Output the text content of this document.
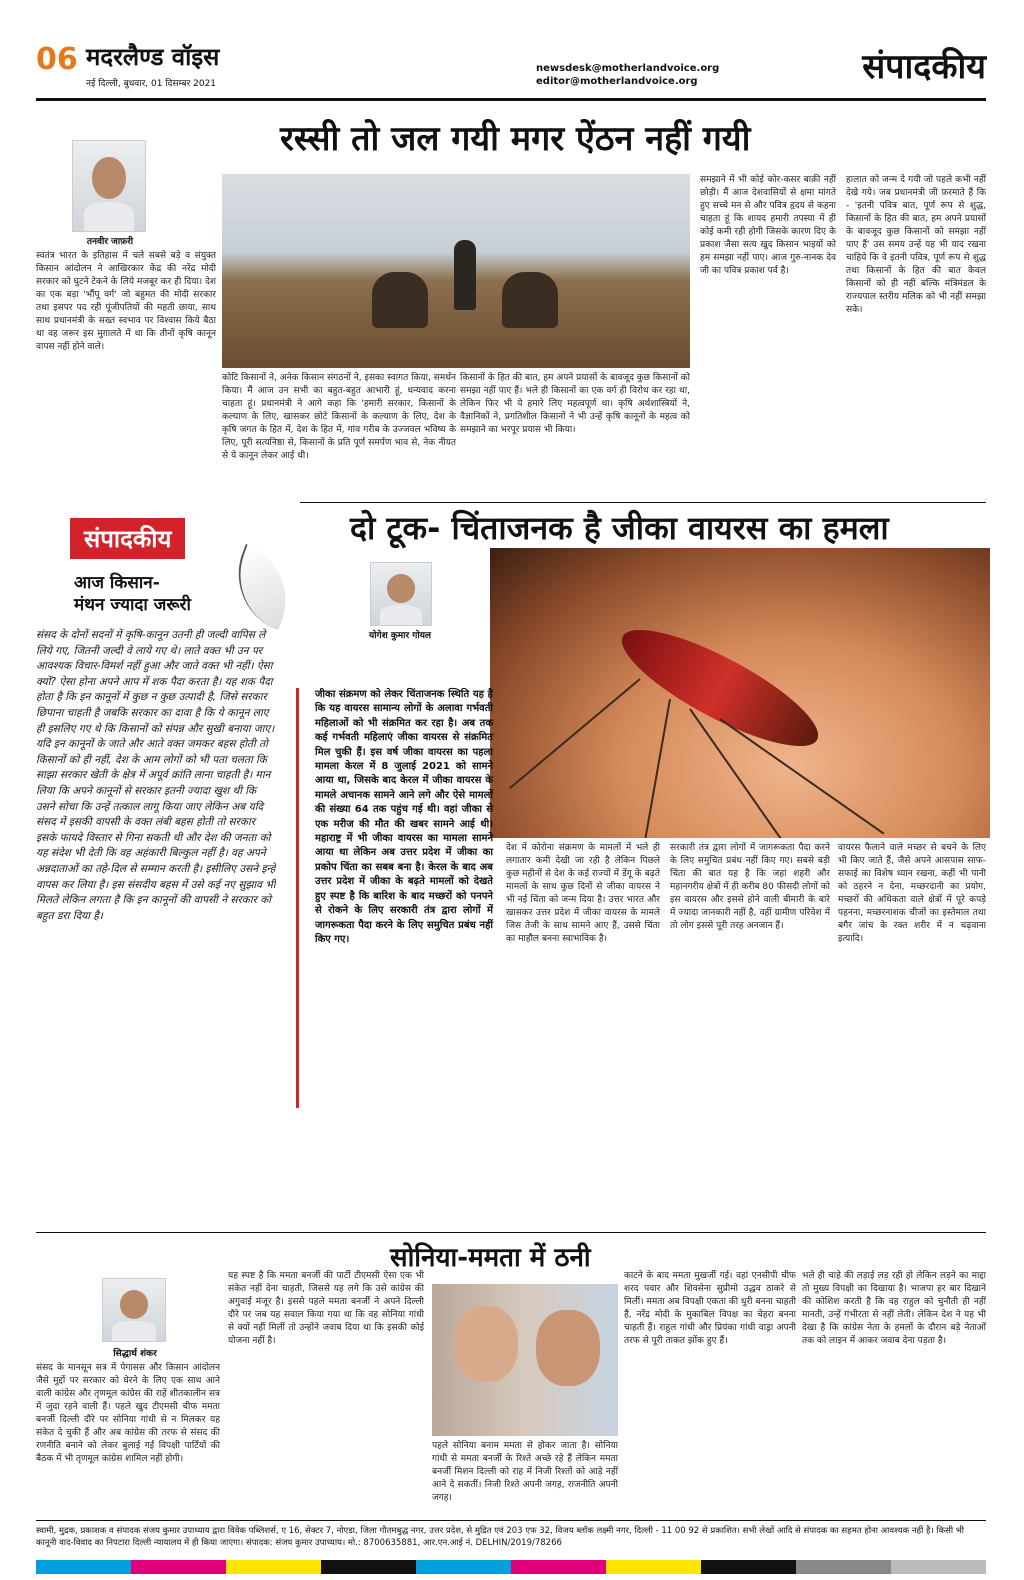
06 मदरलैण्ड वॉइस
नई दिल्ली, बुधवार, 01 दिसम्बर 2021
newsdesk@motherlandvoice.org
editor@motherlandvoice.org	संपादकीय
रस्सी तो जल गयी मगर ऐंठन नहीं गयी
तनवीर जाफ़री
स्वतंत्र भारत के इतिहास में चले सबसे बड़े व संयुक्त किसान आंदोलन ने आखिरकार केंद्र की नरेंद्र मोदी सरकार को घुटने टेकने के लिये मजबूर कर ही दिया। देश का एक बड़ा 'भौंपू वर्ग' जो बहुमत की मोदी सरकार तथा इसपर पद रही पूंजीपतियों की महती छाया, साथ साथ प्रधानमंत्री के सख्त स्वभाव पर विश्वास किये बैठा था वह जरूर इस मुग़ालते में था कि तीनों कृषि कानून वापस नहीं होने वाले।
कोटि किसानों ने, अनेक किसान संगठनों ने, इसका स्वागत किया, समर्थन किया। मैं आज उन सभी का बहुत-बहुत आभारी हूं, धन्यवाद करना चाहता हूं। प्रधानमंत्री ने आगे कहा कि 'हमारी सरकार, किसानों के कल्याण के लिए, खासकर छोटे किसानों के कल्याण के लिए, देश के कृषि जगत के हित में, देश के हित में, गांव गरीब के उज्जवल भविष्य के लिए, पूरी सत्यनिष्ठा से, किसानों के प्रति पूर्ण समर्पण भाव से, नेक नीयत से ये कानून लेकर आई थी।
किसानों के हित की बात, हम अपने प्रयासों के बावजूद कुछ किसानों को समझा नहीं पाए हैं। भले ही किसानों का एक वर्ग ही विरोध कर रहा था, लेकिन फिर भी ये हमारे लिए महत्वपूर्ण था। कृषि अर्थशास्त्रियों ने, वैज्ञानिकों ने, प्रगतिशील किसानों ने भी उन्हें कृषि कानूनों के महत्व को समझाने का भरपूर प्रयास भी किया।
समझाने में भी कोई कोर-कसर बाक़ी नहीं छोड़ी। मैं आज देशवासियों से क्षमा मांगते हुए सच्चे मन से और पवित्र हृदय से कहना चाहता हूं कि शायद हमारी तपस्या में ही कोई कमी रही होगी जिसके कारण दिए के प्रकाश जैसा सत्य खुद किसान भाइयों को हम समझा नहीं पाए। आज गुरु-नानक देव जी का पवित्र प्रकाश पर्व है।
हालात को जन्म दे गयी जो पहले कभी नहीं देखे गये। जब प्रधानमंत्री जी फ़रमाते हैं कि - 'इतनी पवित्र बात, पूर्ण रूप से शुद्ध, किसानों के हित की बात, हम अपने प्रयासों के बावजूद कुछ किसानों को समझा नहीं पाए हैं' उस समय उन्हें यह भी याद रखना चाहिये कि वे इतनी पवित्र, पूर्ण रूप से शुद्ध तथा किसानों के हित की बात केवल किसानों को ही नहीं बल्कि मंत्रिमंडल के राज्यपाल स्तरीय मलिक को भी नहीं समझा सके।
संपादकीय
आज किसान-
मंथन ज्यादा जरूरी
संसद के दोनों सदनों में कृषि-कानून उतनी ही जल्दी वापिस ले लिये गए, जितनी जल्दी वे लाये गए थे। लाते वक्त भी उन पर आवश्यक विचार-विमर्श नहीं हुआ और जाते वक्त भी नहीं। ऐसा क्यों? ऐसा होना अपने आप में शक पैदा करता है। यह शक पैदा होता है कि इन कानूनों में कुछ न कुछ उत्पादी है, जिसे सरकार छिपाना चाहती है जबकि सरकार का दावा है कि ये कानून लाए ही इसलिए गए थे कि किसानों को संपन्न और सुखी बनाया जाए। यदि इन कानूनों के जाते और आते वक्त जमकर बहस होती तो किसानों को ही नहीं, देश के आम लोगों को भी पता चलता कि साझा सरकार खेती के क्षेत्र में अपूर्व क्रांति लाना चाहती है। मान लिया कि अपने कानूनों से सरकार इतनी ज्यादा खुश थी कि उसने सोचा कि उन्हें तत्काल लागू किया जाए लेकिन अब यदि संसद में इसकी वापसी के वक्त लंबी बहस होती तो सरकार इसके फायदे विस्तार से गिना सकती थी और देश की जनता को यह संदेश भी देती कि वह अहंकारी बिल्कुल नहीं है। वह अपने अन्नदाताओं का तहे-दिल से सम्मान करती है। इसीलिए उसने इन्हें वापस कर लिया है। इस संसदीय बहस में उसे कई नए सुझाव भी मिलते लेकिन लगता है कि इन कानूनों की वापसी ने सरकार को बहुत डरा दिया है।
दो टूक- चिंताजनक है जीका वायरस का हमला
योगेश कुमार गोयल
जीका संक्रमण को लेकर चिंताजनक स्थिति यह है कि यह वायरस सामान्य लोगों के अलावा गर्भवती महिलाओं को भी संक्रमित कर रहा है। अब तक कई गर्भवती महिलाएं जीका वायरस से संक्रमित मिल चुकी हैं। इस वर्ष जीका वायरस का पहला मामला केरल में 8 जुलाई 2021 को सामने आया था, जिसके बाद केरल में जीका वायरस के मामले अचानक सामने आने लगे और ऐसे मामलों की संख्या 64 तक पहुंच गई थी। वहां जीका से एक मरीज की मौत की खबर सामने आई थी। महाराष्ट्र में भी जीका वायरस का मामला सामने आया था लेकिन अब उत्तर प्रदेश में जीका का प्रकोप चिंता का सबब बना है। केरल के बाद अब उत्तर प्रदेश में जीका के बढ़ते मामलों को देखते हुए स्पष्ट है कि बारिश के बाद मच्छरों को पनपने से रोकने के लिए सरकारी तंत्र द्वारा लोगों में जागरूकता पैदा करने के लिए समुचित प्रबंध नहीं किए गए।
देश में कोरोना संक्रमण के मामलों में भले ही लगातार कमी देखी जा रही है लेकिन पिछले कुछ महीनों से देश के कई राज्यों में डेंगू के बढ़ते मामलों के साथ कुछ दिनों से जीका वायरस ने भी नई चिंता को जन्म दिया है। उत्तर भारत और खासकर उत्तर प्रदेश में जीका वायरस के मामले जिस तेजी के साथ सामने आए हैं, उससे चिंता का माहौल बनना स्वाभाविक है।
सरकारी तंत्र द्वारा लोगों में जागरूकता पैदा करने के लिए समुचित प्रबंध नहीं किए गए। सबसे बड़ी चिंता की बात यह है कि जहां शहरी और महानगरीय क्षेत्रों में ही करीब 80 फीसदी लोगों को इस वायरस और इससे होने वाली बीमारी के बारे में ज्यादा जानकारी नहीं है, वहीं ग्रामीण परिवेश में तो लोग इससे पूरी तरह अनजान हैं।
वायरस फैलाने वाले मच्छर से बचने के लिए भी किए जाते हैं, जैसे अपने आसपास साफ-सफाई का विशेष ध्यान रखना, कहीं भी पानी को ठहरने न देना, मच्छरदानी का प्रयोग, मच्छरों की अधिकता वाले क्षेत्रों में पूरे कपड़े पहनना, मच्छरनाशक चीजों का इस्तेमाल तथा बगैर जांच के रक्त शरीर में न चढ़वाना इत्यादि।
सोनिया-ममता में ठनी
सिद्धार्थ शंकर
संसद के मानसून सत्र में पेगासस और किसान आंदोलन जैसे मुद्दों पर सरकार को घेरने के लिए एक साथ आने वाली कांग्रेस और तृणमूल कांग्रेस की राहें शीतकालीन सत्र में जुदा रहने वाली हैं। पहले खुद टीएमसी चीफ ममता बनर्जी दिल्ली दौरे पर सोनिया गांधी से न मिलकर यह संकेत दे चुकी हैं और अब कांग्रेस की तरफ से संसद की रणनीति बनाने को लेकर बुलाई गई विपक्षी पार्टियों की बैठक में भी तृणमूल कांग्रेस शामिल नहीं होगी।
यह स्पष्ट है कि ममता बनर्जी की पार्टी टीएमसी ऐसा एक भी संकेत नहीं देना चाहती, जिससे यह लगे कि उसे कांग्रेस की अगुवाई मंजूर है। इससे पहले ममता बनर्जी ने अपने दिल्ली दौरे पर जब यह सवाल किया गया था कि वह सोनिया गांधी से क्यों नहीं मिलीं तो उन्होंने जवाब दिया था कि इसकी कोई योजना नहीं है।
पहले सोनिया बनाम ममता से होकर जाता है। सोनिया गांधी से ममता बनर्जी के रिश्ते अच्छे रहे हैं लेकिन ममता बनर्जी मिशन दिल्ली को राह में निजी रिश्तों को आड़े नहीं आने दे सकतीं। निजी रिश्ते अपनी जगह, राजनीति अपनी जगह।
काटने के बाद ममता मुखर्जी गई। वहां एनसीपी चीफ शरद पवार और शिवसेना सुप्रीमो उद्धव ठाकरे से मिलीं। ममता अब विपक्षी एकता की धुरी बनना चाहती हैं, नरेंद्र मोदी के मुकाबिल विपक्ष का चेहरा बनना चाहती हैं। राहुल गांधी और प्रियंका गांधी वाड्रा अपनी तरफ से पूरी ताकत झोंक हुए हैं।
भले ही चाहे की लड़ाई लड़ रही हो लेकिन लड़ने का माद्दा तो मुख्य विपक्षी का दिखाया है। भाजपा हर बार दिखाने की कोशिश करती है कि वह राहुल को चुनौती ही नहीं मानती, उन्हें गंभीरता से नहीं लेती। लेकिन देश ने यह भी देखा है कि कांग्रेस नेता के हमलों के दौरान बड़े नेताओं तक को लाइन में आकर जवाब देना पड़ता है।
स्वामी, मुद्रक, प्रकाशक व संपादक संजय कुमार उपाध्याय द्वारा विवेक पब्लिशर्स, ए 16, सेक्टर 7, नोएडा, जिला गौतमबुद्ध नगर, उत्तर प्रदेश, से मुद्रित एवं 203 एफ 32, विजय ब्लॉक लक्ष्मी नगर, दिल्ली - 11 00 92 से प्रकाशित। सभी लेखों आदि से संपादक का सहमत होना आवश्यक नहीं है। किसी भी कानूनी वाद-विवाद का निपटारा दिल्ली न्यायालय में ही किया जाएगा। संपादक: संजय कुमार उपाध्याय। मो.: 8700635881, आर.एन.आई नं. DELHIN/2019/78266
